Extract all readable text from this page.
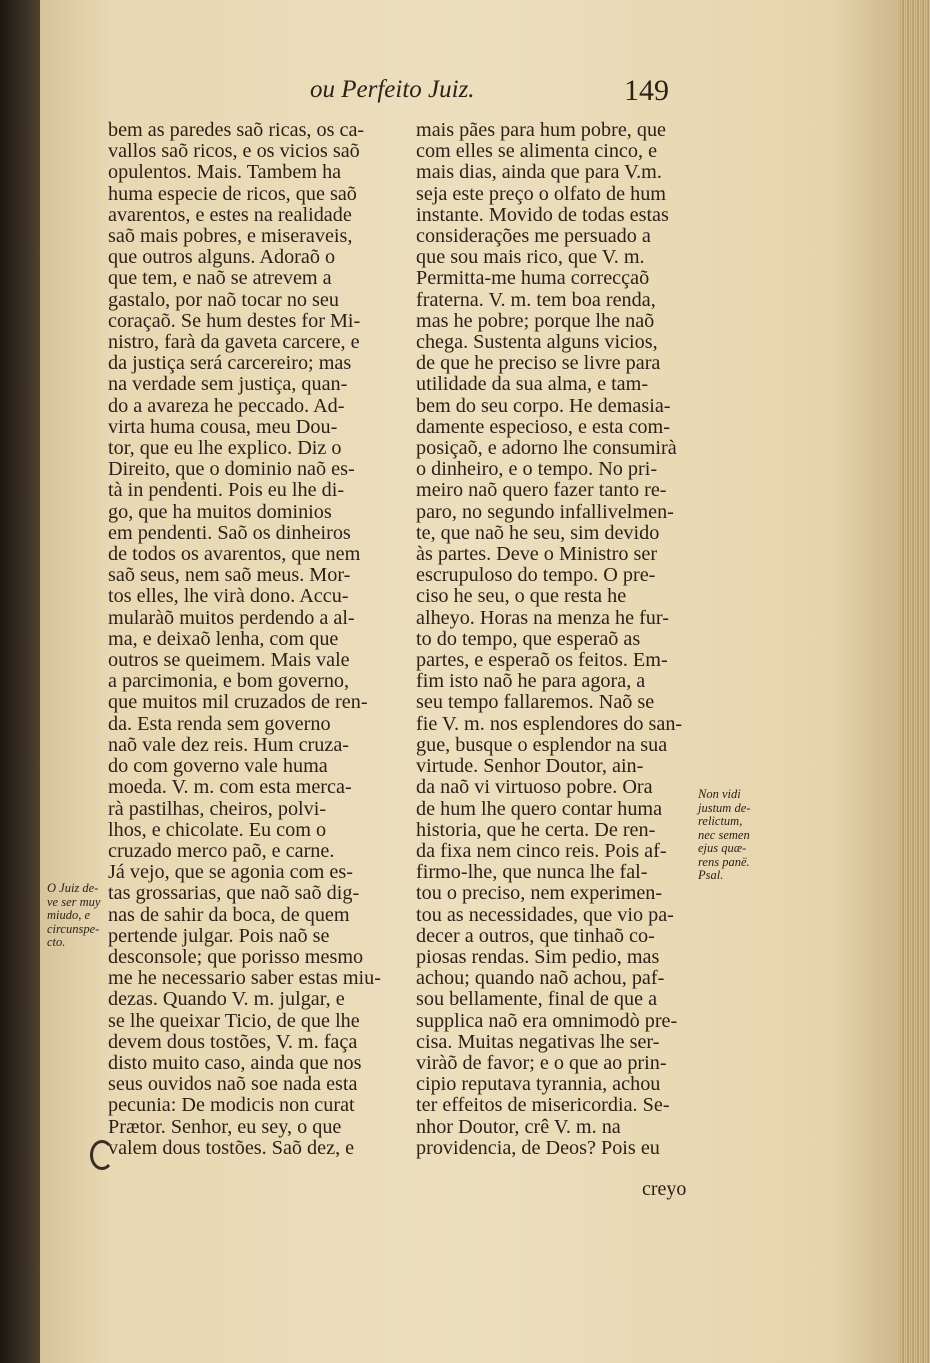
ou Perfeito Juiz.	149
bem as paredes saõ ricas, os ca-
vallos saõ ricos, e os vicios saõ
opulentos. Mais. Tambem ha
huma especie de ricos, que saõ
avarentos, e estes na realidade
saõ mais pobres, e miseraveis,
que outros alguns. Adoraõ o
que tem, e naõ se atrevem a
gastalo, por naõ tocar no seu
coraçaõ. Se hum destes for Mi-
nistro, farà da gaveta carcere, e
da justiça será carcereiro; mas
na verdade sem justiça, quan-
do a avareza he peccado. Ad-
virta huma cousa, meu Dou-
tor, que eu lhe explico. Diz o
Direito, que o dominio naõ es-
tà in pendenti. Pois eu lhe di-
go, que ha muitos dominios
em pendenti. Saõ os dinheiros
de todos os avarentos, que nem
saõ seus, nem saõ meus. Mor-
tos elles, lhe virà dono. Accu-
mularàõ muitos perdendo a al-
ma, e deixaõ lenha, com que
outros se queimem. Mais vale
a parcimonia, e bom governo,
que muitos mil cruzados de ren-
da. Esta renda sem governo
naõ vale dez reis. Hum cruza-
do com governo vale huma
moeda. V. m. com esta merca-
rà pastilhas, cheiros, polvi-
lhos, e chicolate. Eu com o
cruzado merco paõ, e carne.
Já vejo, que se agonia com es-
tas grossarias, que naõ saõ dig-
nas de sahir da boca, de quem
pertende julgar. Pois naõ se
desconsole; que porisso mesmo
me he necessario saber estas miu-
dezas. Quando V. m. julgar, e
se lhe queixar Ticio, de que lhe
devem dous tostões, V. m. faça
disto muito caso, ainda que nos
seus ouvidos naõ soe nada esta
pecunia: De modicis non curat
Prætor. Senhor, eu sey, o que
valem dous tostões. Saõ dez, e
mais pães para hum pobre, que
com elles se alimenta cinco, e
mais dias, ainda que para V.m.
seja este preço o olfato de hum
instante. Movido de todas estas
considerações me persuado a
que sou mais rico, que V. m.
Permitta-me huma correcçaõ
fraterna. V. m. tem boa renda,
mas he pobre; porque lhe naõ
chega. Sustenta alguns vicios,
de que he preciso se livre para
utilidade da sua alma, e tam-
bem do seu corpo. He demasia-
damente especioso, e esta com-
posiçaõ, e adorno lhe consumirà
o dinheiro, e o tempo. No pri-
meiro naõ quero fazer tanto re-
paro, no segundo infallivelmen-
te, que naõ he seu, sim devido
às partes. Deve o Ministro ser
escrupuloso do tempo. O pre-
ciso he seu, o que resta he
alheyo. Horas na menza he fur-
to do tempo, que esperaõ as
partes, e esperaõ os feitos. Em-
fim isto naõ he para agora, a
seu tempo fallaremos. Naõ se
fie V. m. nos esplendores do san-
gue, busque o esplendor na sua
virtude. Senhor Doutor, ain-
da naõ vi virtuoso pobre. Ora
de hum lhe quero contar huma
historia, que he certa. De ren-
da fixa nem cinco reis. Pois af-
firmo-lhe, que nunca lhe fal-
tou o preciso, nem experimen-
tou as necessidades, que vio pa-
decer a outros, que tinhaõ co-
piosas rendas. Sim pedio, mas
achou; quando naõ achou, paf-
sou bellamente, final de que a
supplica naõ era omnimodò pre-
cisa. Muitas negativas lhe ser-
viràõ de favor; e o que ao prin-
cipio reputava tyrannia, achou
ter effeitos de misericordia. Se-
nhor Doutor, crê V. m. na
providencia, de Deos? Pois eu
O Juiz de-
ve ser muy
miudo, e
circunspe-
cto.
Non vidi
justum de-
relictum,
nec semen
ejus quæ-
rens panë.
Psal.
creyo
